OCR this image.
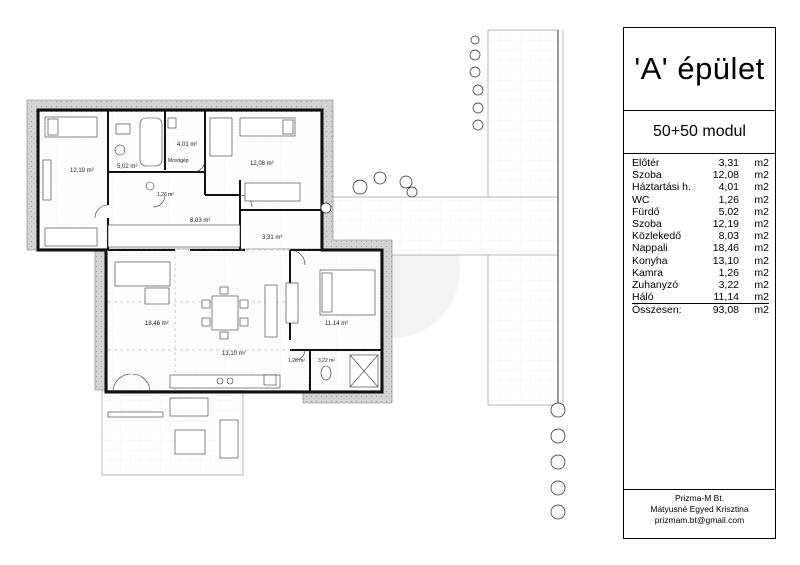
12,19 m²
5,02 m²
4,01 m²
Mosógép
1,26 m²
12,08 m²
8,03 m²
3,31 m²
18,46 m²
13,10 m²
11,14 m²
1,26 m²	3,22 m²
'A' épület
50+50 modul
Előtér	3,31	m2
Szoba	12,08	m2
Háztartási h.	4,01	m2
WC	1,26	m2
Fürdő	5,02	m2
Szoba	12,19	m2
Közlekedő	8,03	m2
Nappali	18,46	m2
Konyha	13,10	m2
Kamra	1,26	m2
Zuhanyzó	3,22	m2
Háló	11,14	m2
Összesen:	93,08	m2
Prizma-M Bt.
Mátyusné Egyed Krisztina
prizmam.bt@gmail.com
